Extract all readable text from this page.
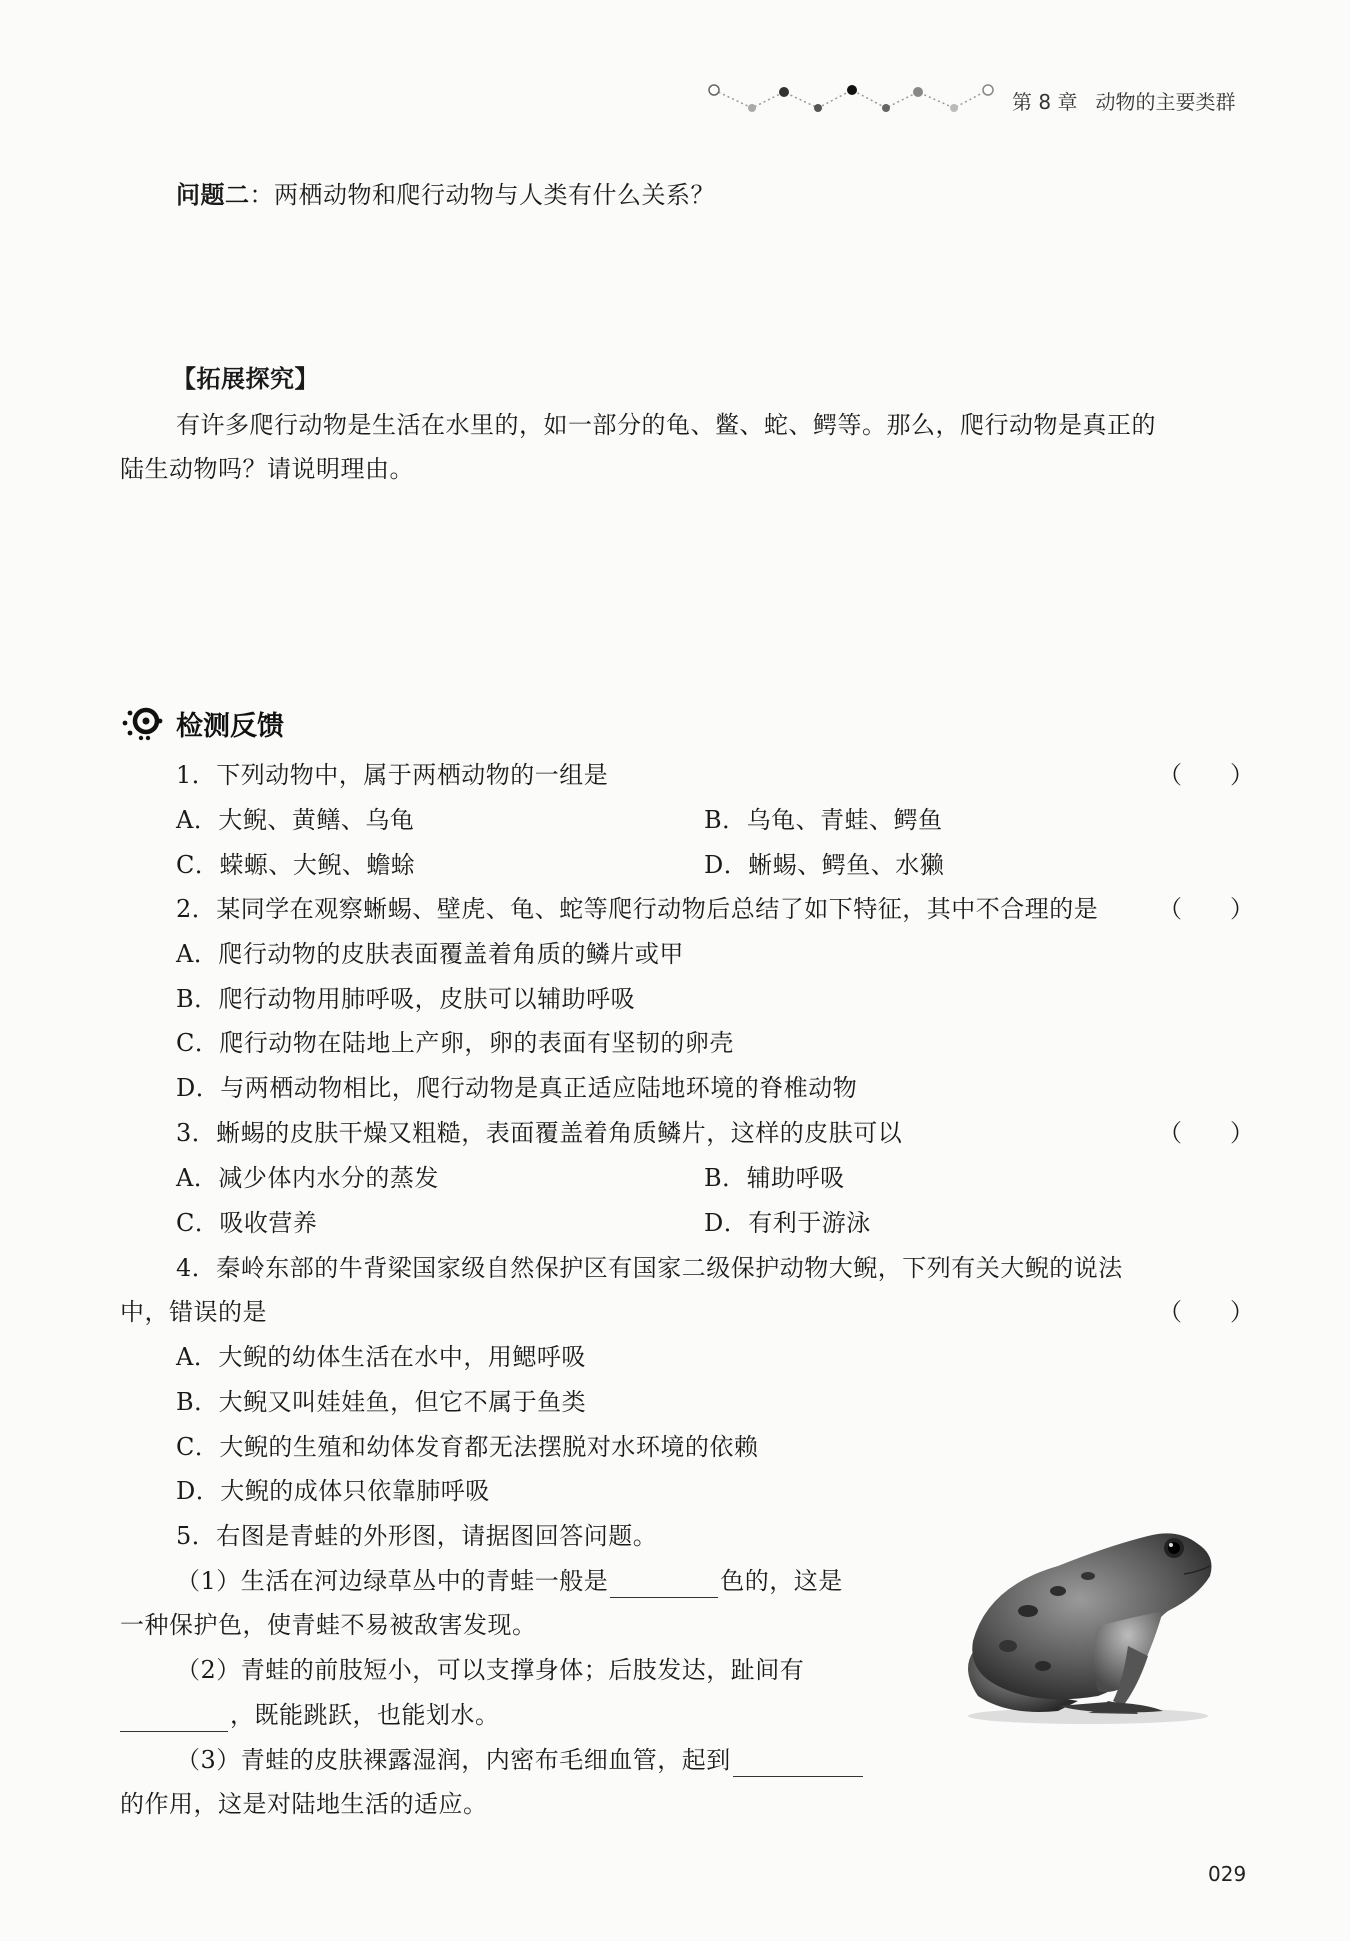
第 8 章 动物的主要类群
问题二：两栖动物和爬行动物与人类有什么关系？
【拓展探究】
有许多爬行动物是生活在水里的，如一部分的龟、鳖、蛇、鳄等。那么，爬行动物是真正的
陆生动物吗？请说明理由。
检测反馈
1．下列动物中，属于两栖动物的一组是	（　　）
A．大鲵、黄鳝、乌龟	B．乌龟、青蛙、鳄鱼
C．蝾螈、大鲵、蟾蜍	D．蜥蜴、鳄鱼、水獭
2．某同学在观察蜥蜴、壁虎、龟、蛇等爬行动物后总结了如下特征，其中不合理的是 （　　）
A．爬行动物的皮肤表面覆盖着角质的鳞片或甲
B．爬行动物用肺呼吸，皮肤可以辅助呼吸
C．爬行动物在陆地上产卵，卵的表面有坚韧的卵壳
D．与两栖动物相比，爬行动物是真正适应陆地环境的脊椎动物
3．蜥蜴的皮肤干燥又粗糙，表面覆盖着角质鳞片，这样的皮肤可以	（　　）
A．减少体内水分的蒸发	B．辅助呼吸
C．吸收营养	D．有利于游泳
4．秦岭东部的牛背梁国家级自然保护区有国家二级保护动物大鲵，下列有关大鲵的说法
中，错误的是	（　　）
A．大鲵的幼体生活在水中，用鳃呼吸
B．大鲵又叫娃娃鱼，但它不属于鱼类
C．大鲵的生殖和幼体发育都无法摆脱对水环境的依赖
D．大鲵的成体只依靠肺呼吸
5．右图是青蛙的外形图，请据图回答问题。
（1）生活在河边绿草丛中的青蛙一般是	色的，这是
一种保护色，使青蛙不易被敌害发现。
（2）青蛙的前肢短小，可以支撑身体；后肢发达，趾间有
，既能跳跃，也能划水。
（3）青蛙的皮肤裸露湿润，内密布毛细血管，起到
的作用，这是对陆地生活的适应。
029
